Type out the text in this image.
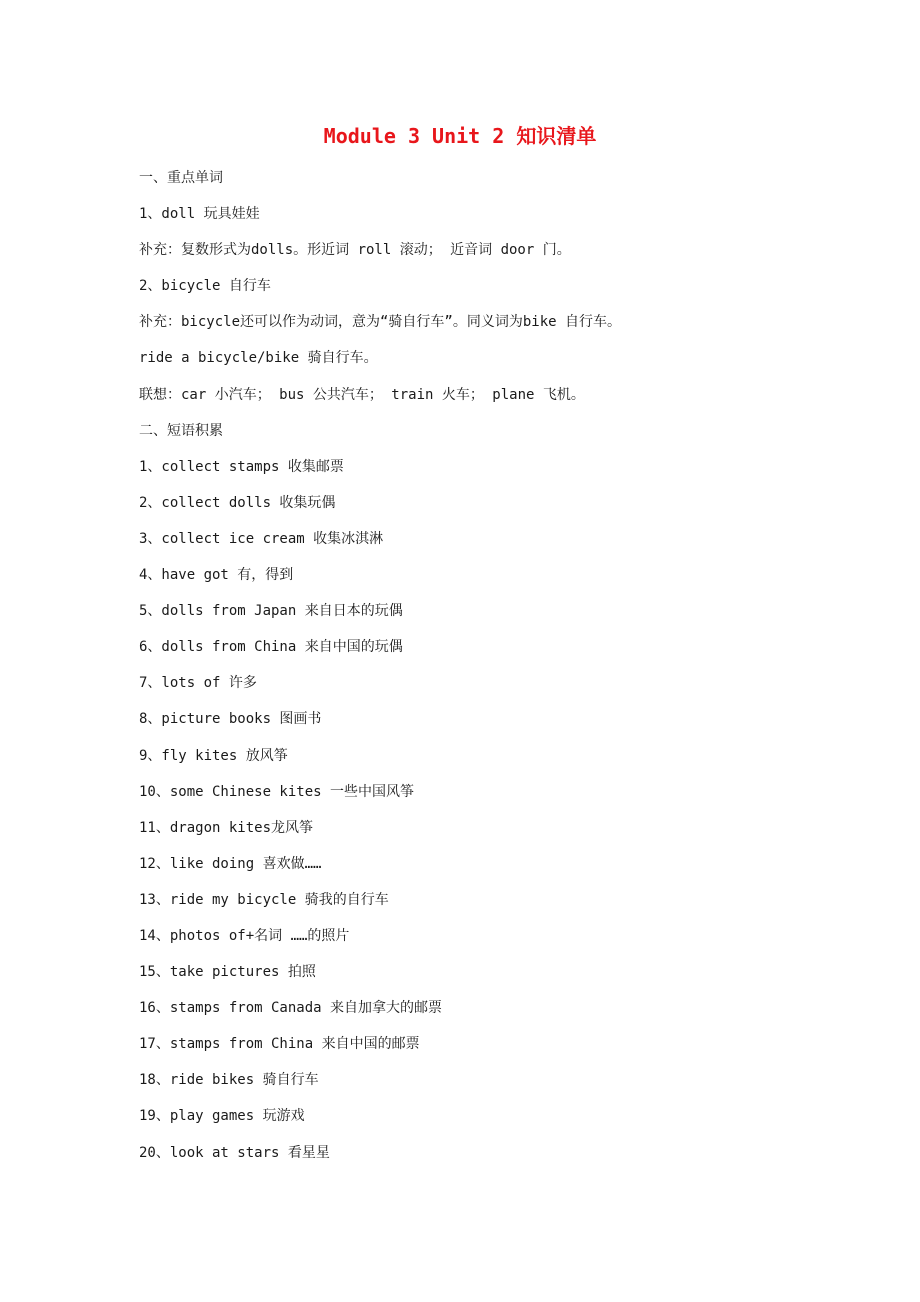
Module 3 Unit 2 知识清单
一、重点单词
1、doll 玩具娃娃
补充：复数形式为dolls。形近词 roll 滚动； 近音词 door 门。
2、bicycle 自行车
补充：bicycle还可以作为动词，意为“骑自行车”。同义词为bike 自行车。
ride a bicycle/bike 骑自行车。
联想：car 小汽车； bus 公共汽车； train 火车； plane 飞机。
二、短语积累
1、collect stamps 收集邮票
2、collect dolls 收集玩偶
3、collect ice cream 收集冰淇淋
4、have got 有，得到
5、dolls from Japan 来自日本的玩偶
6、dolls from China 来自中国的玩偶
7、lots of 许多
8、picture books 图画书
9、fly kites 放风筝
10、some Chinese kites 一些中国风筝
11、dragon kites龙风筝
12、like doing 喜欢做……
13、ride my bicycle 骑我的自行车
14、photos of+名词 ……的照片
15、take pictures 拍照
16、stamps from Canada 来自加拿大的邮票
17、stamps from China 来自中国的邮票
18、ride bikes 骑自行车
19、play games 玩游戏
20、look at stars 看星星
